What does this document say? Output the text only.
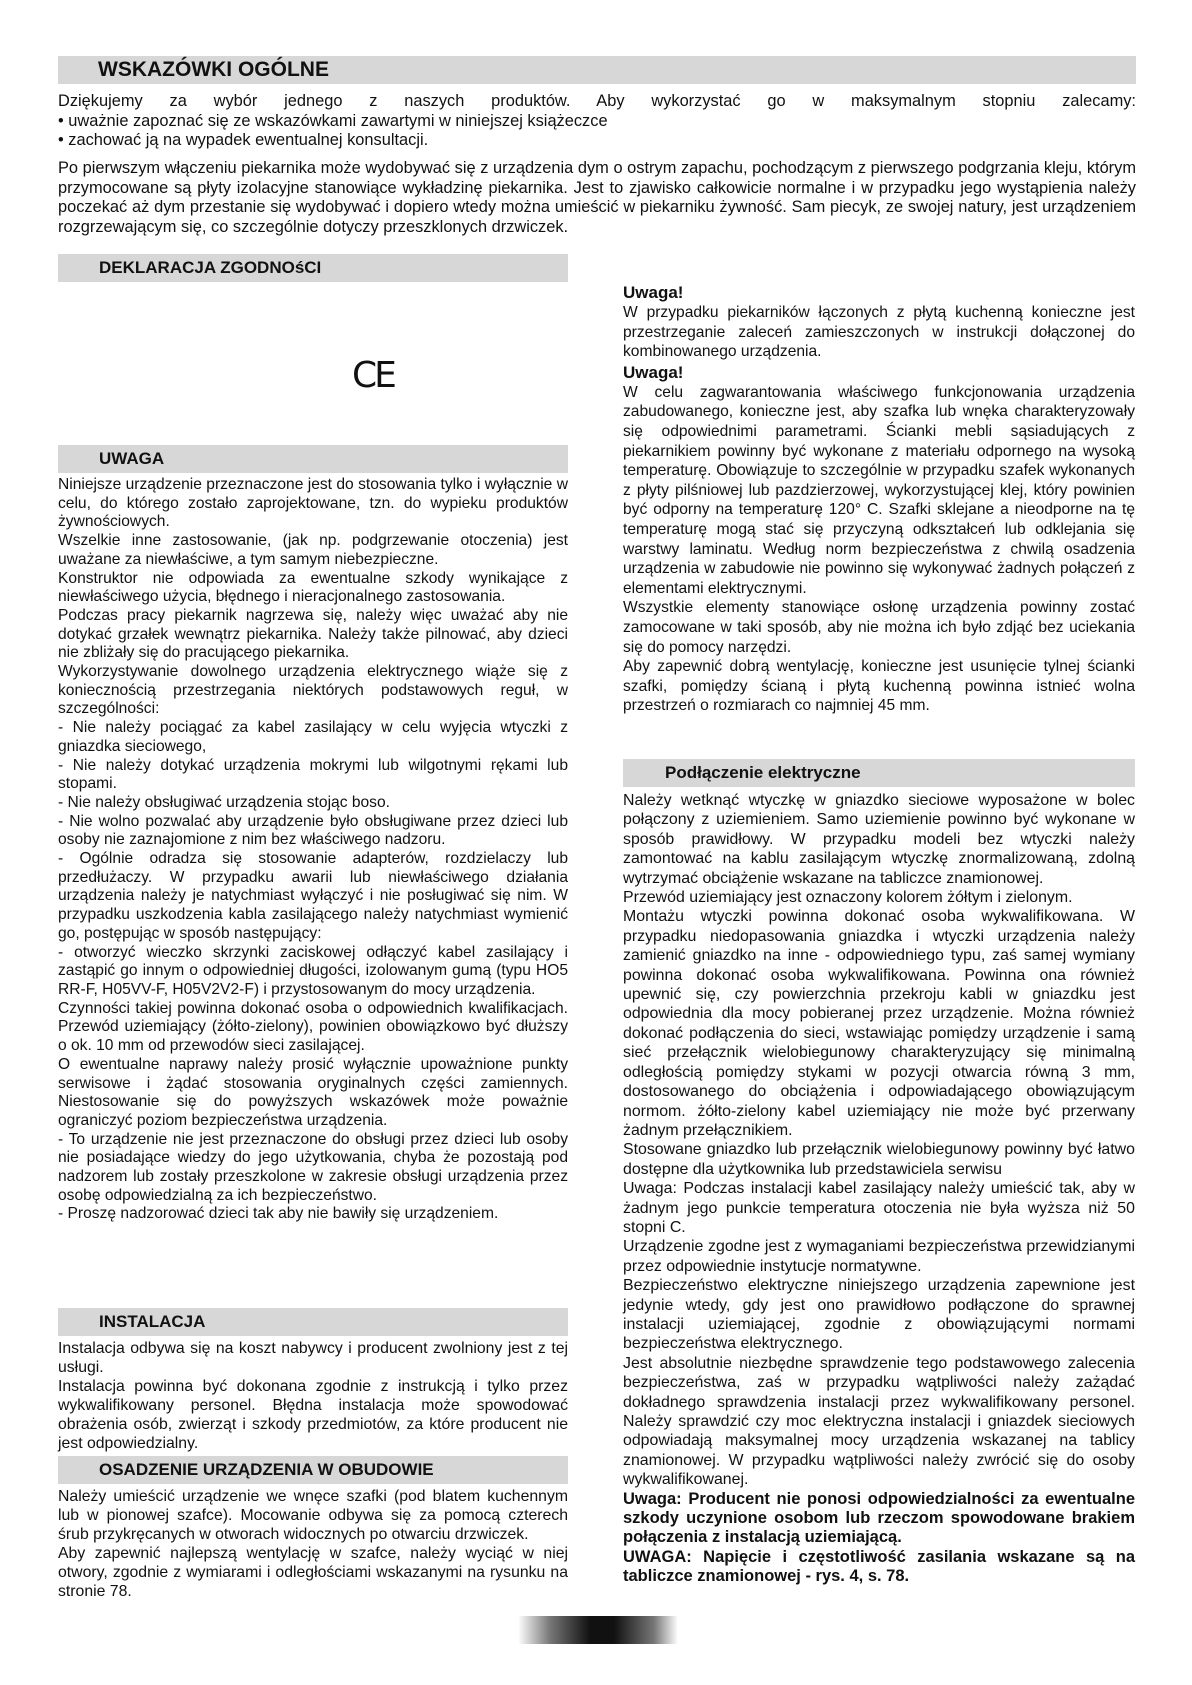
WSKAZÓWKI OGÓLNE

Dziękujemy za wybór jednego z naszych produktów. Aby wykorzystać go w maksymalnym stopniu zalecamy:

• uważnie zapoznać się ze wskazówkami zawartymi w niniejszej książeczce

• zachować ją na wypadek ewentualnej konsultacji.

Po pierwszym włączeniu piekarnika może wydobywać się z urządzenia dym o ostrym zapachu, pochodzącym z pierwszego podgrzania kleju, którym przymocowane są płyty izolacyjne stanowiące wykładzinę piekarnika. Jest to zjawisko całkowicie normalne i w przypadku jego wystąpienia należy poczekać aż dym przestanie się wydobywać i dopiero wtedy można umieścić w piekarniku żywność. Sam piecyk, ze swojej natury, jest urządzeniem rozgrzewającym się, co szczególnie dotyczy przeszklonych drzwiczek.

DEKLARACJA ZGODNOśCI
CE
UWAGA

Niniejsze urządzenie przeznaczone jest do stosowania tylko i wyłącznie w celu, do którego zostało zaprojektowane, tzn. do wypieku produktów żywnościowych.

Wszelkie inne zastosowanie, (jak np. podgrzewanie otoczenia) jest uważane za niewłaściwe, a tym samym niebezpieczne.

Konstruktor nie odpowiada za ewentualne szkody wynikające z niewłaściwego użycia, błędnego i nieracjonalnego zastosowania.

Podczas pracy piekarnik nagrzewa się, należy więc uważać aby nie dotykać grzałek wewnątrz piekarnika. Należy także pilnować, aby dzieci nie zbliżały się do pracującego piekarnika.

Wykorzystywanie dowolnego urządzenia elektrycznego wiąże się z koniecznością przestrzegania niektórych podstawowych reguł, w szczególności:

- Nie należy pociągać za kabel zasilający w celu wyjęcia wtyczki z gniazdka sieciowego,

- Nie należy dotykać urządzenia mokrymi lub wilgotnymi rękami lub stopami.

- Nie należy obsługiwać urządzenia stojąc boso.

- Nie wolno pozwalać aby urządzenie było obsługiwane przez dzieci lub osoby nie zaznajomione z nim bez właściwego nadzoru.

- Ogólnie odradza się stosowanie adapterów, rozdzielaczy lub przedłużaczy. W przypadku awarii lub niewłaściwego działania urządzenia należy je natychmiast wyłączyć i nie posługiwać się nim. W przypadku uszkodzenia kabla zasilającego należy natychmiast wymienić go, postępując w sposób następujący:

- otworzyć wieczko skrzynki zaciskowej odłączyć kabel zasilający i zastąpić go innym o odpowiedniej długości, izolowanym gumą (typu HO5 RR-F, H05VV-F, H05V2V2-F) i przystosowanym do mocy urządzenia.

Czynności takiej powinna dokonać osoba o odpowiednich kwalifikacjach. Przewód uziemiający (żółto-zielony), powinien obowiązkowo być dłuższy o ok. 10 mm od przewodów sieci zasilającej.

O ewentualne naprawy należy prosić wyłącznie upoważnione punkty serwisowe i żądać stosowania oryginalnych części zamiennych. Niestosowanie się do powyższych wskazówek może poważnie ograniczyć poziom bezpieczeństwa urządzenia.

- To urządzenie nie jest przeznaczone do obsługi przez dzieci lub osoby nie posiadające wiedzy do jego użytkowania, chyba że pozostają pod nadzorem lub zostały przeszkolone w zakresie obsługi urządzenia przez osobę odpowiedzialną za ich bezpieczeństwo.

- Proszę nadzorować dzieci tak aby nie bawiły się urządzeniem.

INSTALACJA

Instalacja odbywa się na koszt nabywcy i producent zwolniony jest z tej usługi.

Instalacja powinna być dokonana zgodnie z instrukcją i tylko przez wykwalifikowany personel. Błędna instalacja może spowodować obrażenia osób, zwierząt i szkody przedmiotów, za które producent nie jest odpowiedzialny.

OSADZENIE URZĄDZENIA W OBUDOWIE

Należy umieścić urządzenie we wnęce szafki (pod blatem kuchennym lub w pionowej szafce). Mocowanie odbywa się za pomocą czterech śrub przykręcanych w otworach widocznych po otwarciu drzwiczek.

Aby zapewnić najlepszą wentylację w szafce, należy wyciąć w niej otwory, zgodnie z wymiarami i odległościami wskazanymi na rysunku na stronie 78.

Uwaga!

W przypadku piekarników łączonych z płytą kuchenną konieczne jest przestrzeganie zaleceń zamieszczonych w instrukcji dołączonej do kombinowanego urządzenia.

Uwaga!

W celu zagwarantowania właściwego funkcjonowania urządzenia zabudowanego, konieczne jest, aby szafka lub wnęka charakteryzowały się odpowiednimi parametrami. Ścianki mebli sąsiadujących z piekarnikiem powinny być wykonane z materiału odpornego na wysoką temperaturę. Obowiązuje to szczególnie w przypadku szafek wykonanych z płyty pilśniowej lub pazdzierzowej, wykorzystującej klej, który powinien być odporny na temperaturę 120° C. Szafki sklejane a nieodporne na tę temperaturę mogą stać się przyczyną odkształceń lub odklejania się warstwy laminatu. Według norm bezpieczeństwa z chwilą osadzenia urządzenia w zabudowie nie powinno się wykonywać żadnych połączeń z elementami elektrycznymi.

Wszystkie elementy stanowiące osłonę urządzenia powinny zostać zamocowane w taki sposób, aby nie można ich było zdjąć bez uciekania się do pomocy narzędzi.

Aby zapewnić dobrą wentylację, konieczne jest usunięcie tylnej ścianki szafki, pomiędzy ścianą i płytą kuchenną powinna istnieć wolna przestrzeń o rozmiarach co najmniej 45 mm.

Podłączenie elektryczne

Należy wetknąć wtyczkę w gniazdko sieciowe wyposażone w bolec połączony z uziemieniem. Samo uziemienie powinno być wykonane w sposób prawidłowy. W przypadku modeli bez wtyczki należy zamontować na kablu zasilającym wtyczkę znormalizowaną, zdolną wytrzymać obciążenie wskazane na tabliczce znamionowej.

Przewód uziemiający jest oznaczony kolorem żółtym i zielonym.

Montażu wtyczki powinna dokonać osoba wykwalifikowana. W przypadku niedopasowania gniazdka i wtyczki urządzenia należy zamienić gniazdko na inne - odpowiedniego typu, zaś samej wymiany powinna dokonać osoba wykwalifikowana. Powinna ona również upewnić się, czy powierzchnia przekroju kabli w gniazdku jest odpowiednia dla mocy pobieranej przez urządzenie. Można również dokonać podłączenia do sieci, wstawiając pomiędzy urządzenie i samą sieć przełącznik wielobiegunowy charakteryzujący się minimalną odległością pomiędzy stykami w pozycji otwarcia równą 3 mm, dostosowanego do obciążenia i odpowiadającego obowiązującym normom. żółto-zielony kabel uziemiający nie może być przerwany żadnym przełącznikiem.

Stosowane gniazdko lub przełącznik wielobiegunowy powinny być łatwo dostępne dla użytkownika lub przedstawiciela serwisu

Uwaga: Podczas instalacji kabel zasilający należy umieścić tak, aby w żadnym jego punkcie temperatura otoczenia nie była wyższa niż 50 stopni C.

Urządzenie zgodne jest z wymaganiami bezpieczeństwa przewidzianymi przez odpowiednie instytucje normatywne.

Bezpieczeństwo elektryczne niniejszego urządzenia zapewnione jest jedynie wtedy, gdy jest ono prawidłowo podłączone do sprawnej instalacji uziemiającej, zgodnie z obowiązującymi normami bezpieczeństwa elektrycznego.

Jest absolutnie niezbędne sprawdzenie tego podstawowego zalecenia bezpieczeństwa, zaś w przypadku wątpliwości należy zażądać dokładnego sprawdzenia instalacji przez wykwalifikowany personel. Należy sprawdzić czy moc elektryczna instalacji i gniazdek sieciowych odpowiadają maksymalnej mocy urządzenia wskazanej na tablicy znamionowej. W przypadku wątpliwości należy zwrócić się do osoby wykwalifikowanej.

Uwaga: Producent nie ponosi odpowiedzialności za ewentualne szkody uczynione osobom lub rzeczom spowodowane brakiem połączenia z instalacją uziemiającą.

UWAGA: Napięcie i częstotliwość zasilania wskazane są na tabliczce znamionowej - rys. 4, s. 78.
